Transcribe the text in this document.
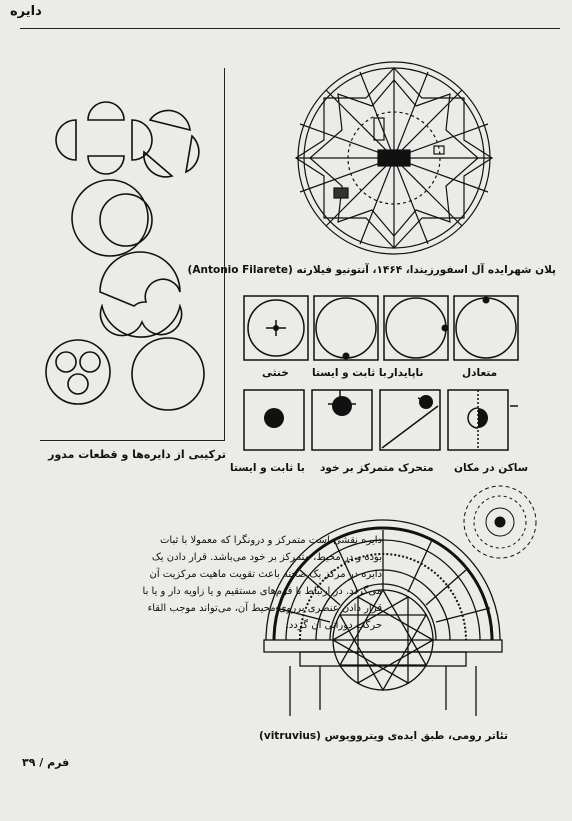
دایره
ترکیبی از دایره‌ها و قطعات مدور
پلان شهرایده آل اسفورزیندا، ۱۴۶۴، آنتونیو فیلارته (Antonio Filarete)
متعادل
ناپایدار
با ثابت و ایستا
خنثی
ساکن در مکان
متحرک
متمرکز بر خود
با ثابت و ایستا
تئاتر رومی، طبق ایده‌ی ویتروویوس (vitruvius)
دایره نقشی است متمرکز و درونگرا که معمولا با ثبات بوده و در محیط، متمرکز بر خود می‌باشد. قرار دادن یک دایره در مرکز یک صحنه باعث تقویت ماهیت مرکزیت آن می‌گردد. در ارتباط با فرم‌های مستقیم و یا زاویه دار و یا با قرار دادن عنصری برروی محیط آن، می‌تواند موجب القاء حرکت دورانی آن گردد.
فرم / ۳۹
